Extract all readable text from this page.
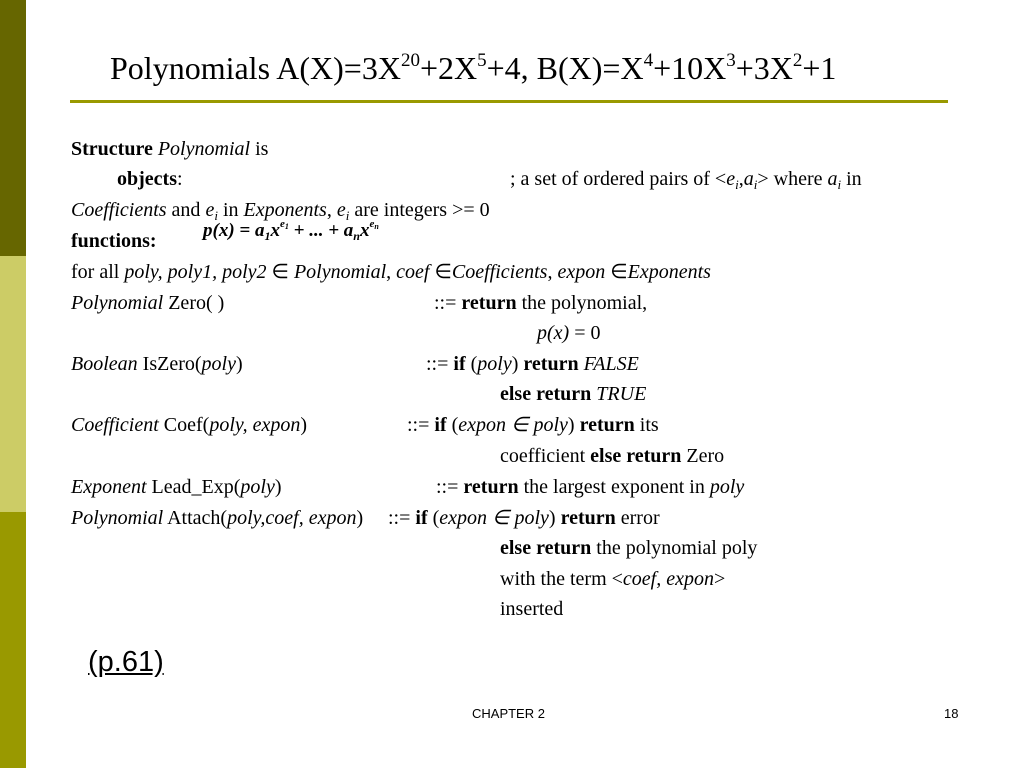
Polynomials $A(X)=3X^{20}+2X^5+4$, $B(X)=X^4+10X^3+3X^2+1$
Structure Polynomial is
objects:	; a set of ordered pairs of $<e_i,a_i>$ where $a_i$ in
Coefficients and $e_i$ in Exponents, $e_i$ are integers >= 0
$p(x) = a_1x^{e_1}$ + ... + $a_nx^{e_n}$
functions:
for all poly, poly1, poly2 ∈ Polynomial, coef ∈Coefficients, expon ∈Exponents
Polynomial Zero( )	::= return the polynomial,
p(x) = 0
Boolean IsZero(poly)	::= if (poly) return FALSE
else return TRUE
Coefficient Coef(poly, expon)	::= if (expon ∈ poly) return its
coefficient else return Zero
Exponent Lead_Exp(poly)	::= return the largest exponent in poly
Polynomial Attach(poly,coef, expon) ::= if (expon ∈ poly) return error
else return the polynomial poly
with the term <coef, expon>
inserted
(p.61)
CHAPTER 2	18
